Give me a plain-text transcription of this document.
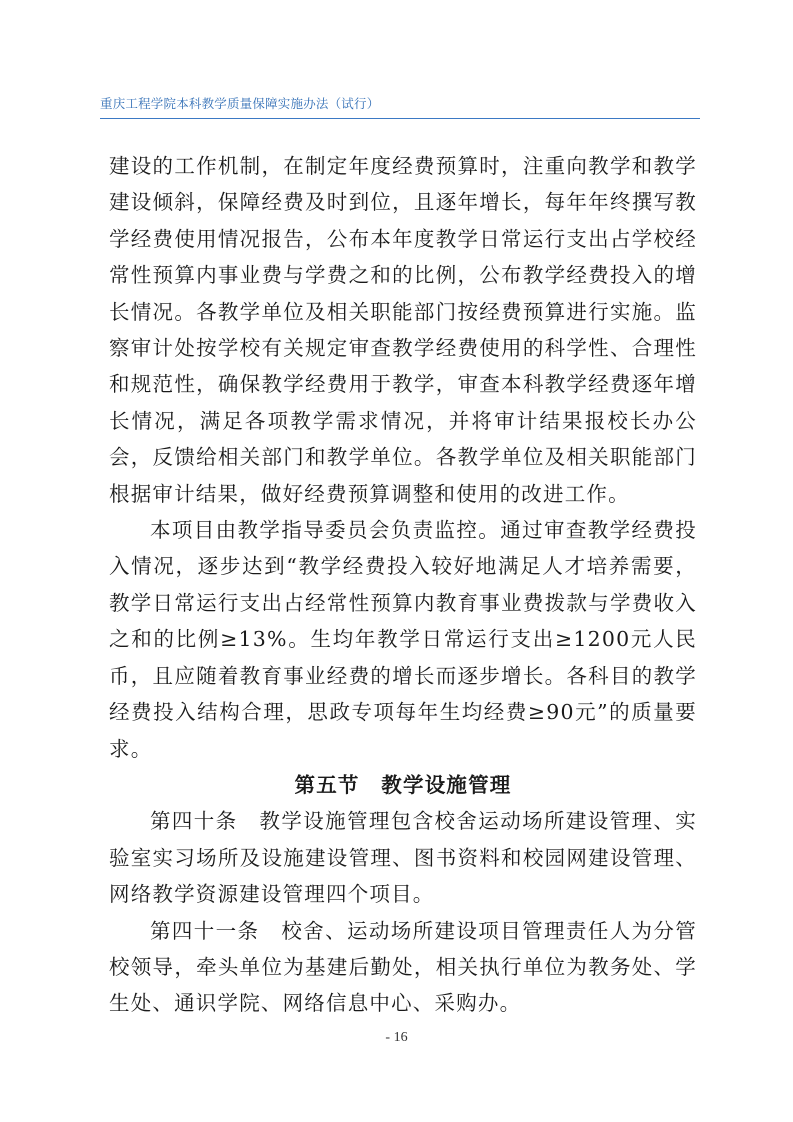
重庆工程学院本科教学质量保障实施办法（试行）

建设的工作机制，在制定年度经费预算时，注重向教学和教学建设倾斜，保障经费及时到位，且逐年增长，每年年终撰写教学经费使用情况报告，公布本年度教学日常运行支出占学校经常性预算内事业费与学费之和的比例，公布教学经费投入的增长情况。各教学单位及相关职能部门按经费预算进行实施。监察审计处按学校有关规定审查教学经费使用的科学性、合理性和规范性，确保教学经费用于教学，审查本科教学经费逐年增长情况，满足各项教学需求情况，并将审计结果报校长办公会，反馈给相关部门和教学单位。各教学单位及相关职能部门根据审计结果，做好经费预算调整和使用的改进工作。

本项目由教学指导委员会负责监控。通过审查教学经费投入情况，逐步达到“教学经费投入较好地满足人才培养需要，教学日常运行支出占经常性预算内教育事业费拨款与学费收入之和的比例≥13%。生均年教学日常运行支出≥1200元人民币，且应随着教育事业经费的增长而逐步增长。各科目的教学经费投入结构合理，思政专项每年生均经费≥90元”的质量要求。

第五节　教学设施管理

第四十条　教学设施管理包含校舍运动场所建设管理、实验室实习场所及设施建设管理、图书资料和校园网建设管理、网络教学资源建设管理四个项目。

第四十一条　校舍、运动场所建设项目管理责任人为分管校领导，牵头单位为基建后勤处，相关执行单位为教务处、学生处、通识学院、网络信息中心、采购办。

- 16
